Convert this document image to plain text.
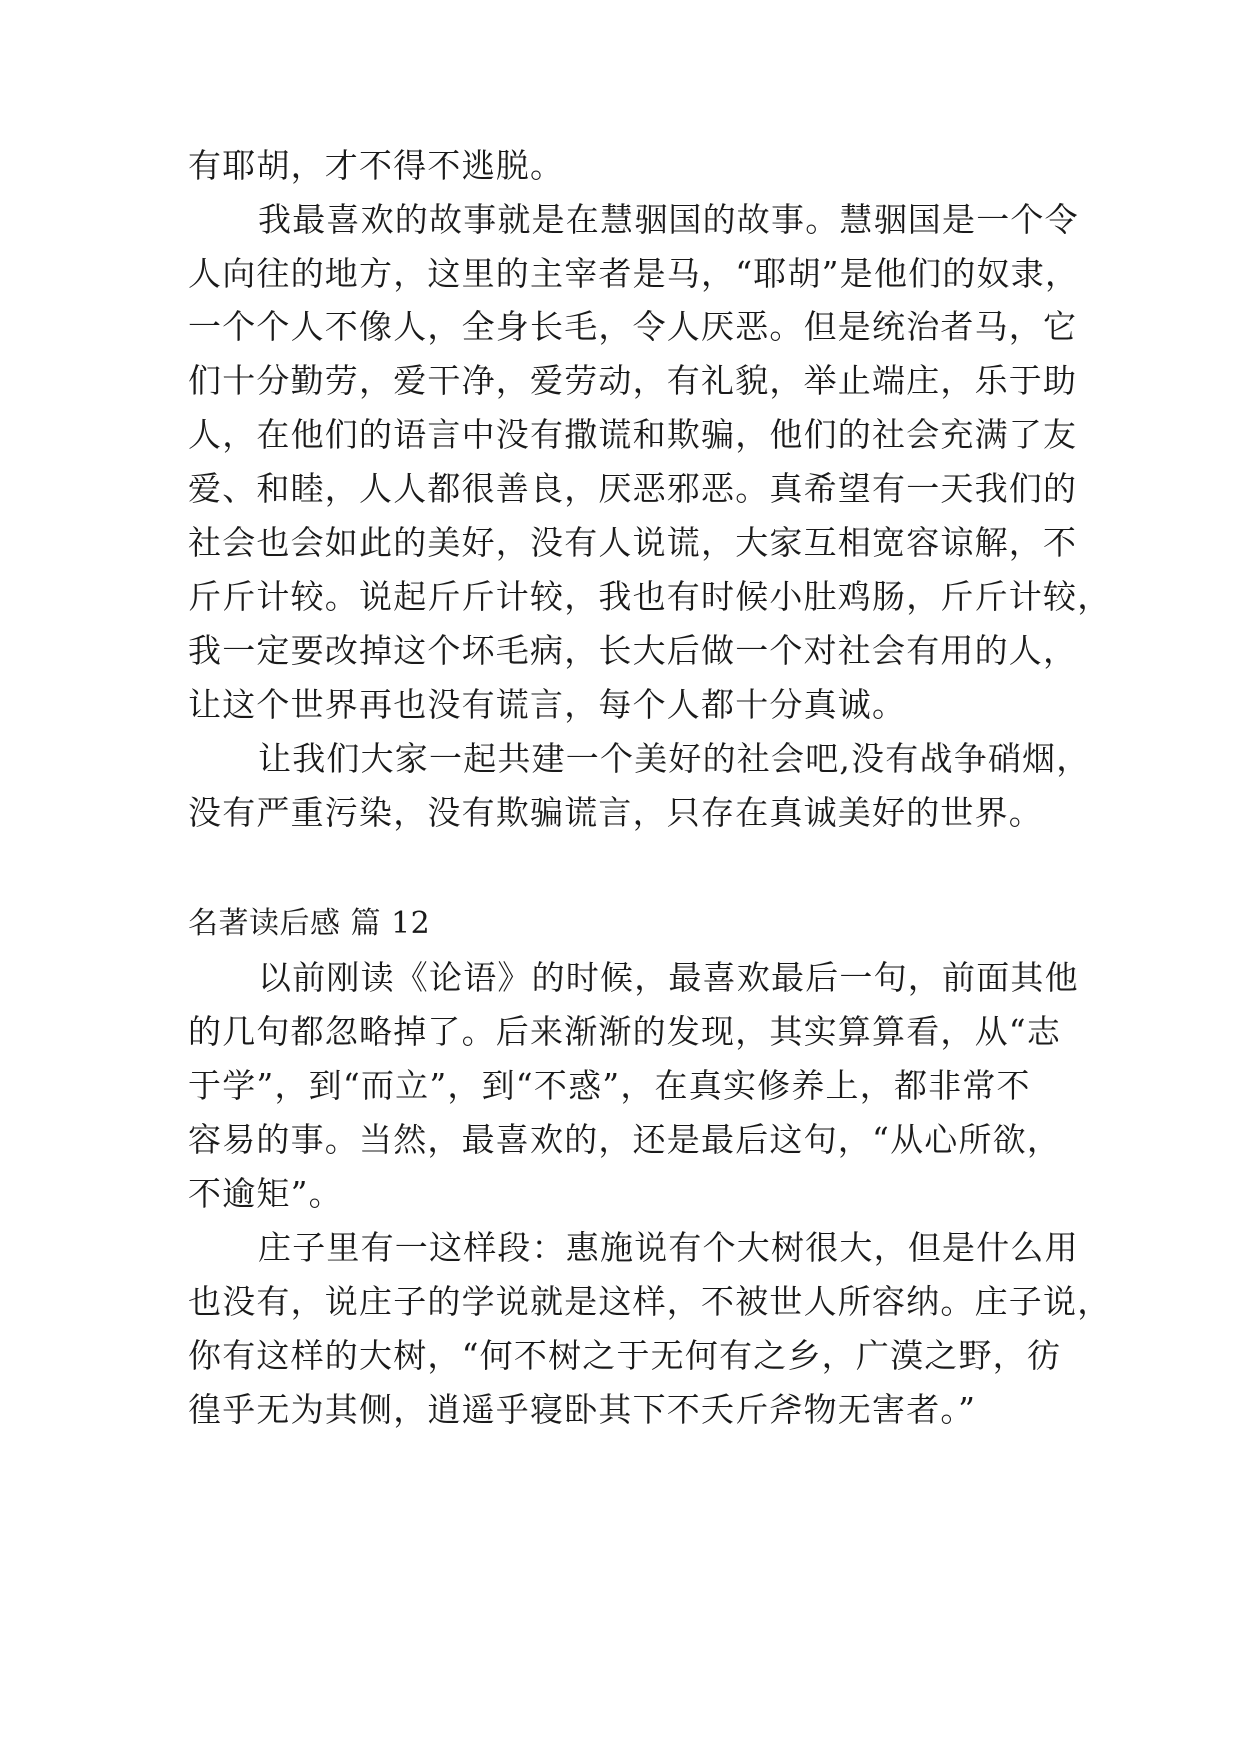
有耶胡，才不得不逃脱。
我最喜欢的故事就是在慧骃国的故事。慧骃国是一个令
人向往的地方，这里的主宰者是马，“耶胡”是他们的奴隶，
一个个人不像人，全身长毛，令人厌恶。但是统治者马，它
们十分勤劳，爱干净，爱劳动，有礼貌，举止端庄，乐于助
人，在他们的语言中没有撒谎和欺骗，他们的社会充满了友
爱、和睦，人人都很善良，厌恶邪恶。真希望有一天我们的
社会也会如此的美好，没有人说谎，大家互相宽容谅解，不
斤斤计较。说起斤斤计较，我也有时候小肚鸡肠，斤斤计较，
我一定要改掉这个坏毛病，长大后做一个对社会有用的人，
让这个世界再也没有谎言，每个人都十分真诚。
让我们大家一起共建一个美好的社会吧,没有战争硝烟，
没有严重污染，没有欺骗谎言，只存在真诚美好的世界。
名著读后感 篇 12
以前刚读《论语》的时候，最喜欢最后一句，前面其他
的几句都忽略掉了。后来渐渐的发现，其实算算看，从“志
于学”，到“而立”，到“不惑”，在真实修养上，都非常不
容易的事。当然，最喜欢的，还是最后这句，“从心所欲，
不逾矩”。
庄子里有一这样段：惠施说有个大树很大，但是什么用
也没有，说庄子的学说就是这样，不被世人所容纳。庄子说，
你有这样的大树，“何不树之于无何有之乡，广漠之野，彷
徨乎无为其侧，逍遥乎寝卧其下不夭斤斧物无害者。”
